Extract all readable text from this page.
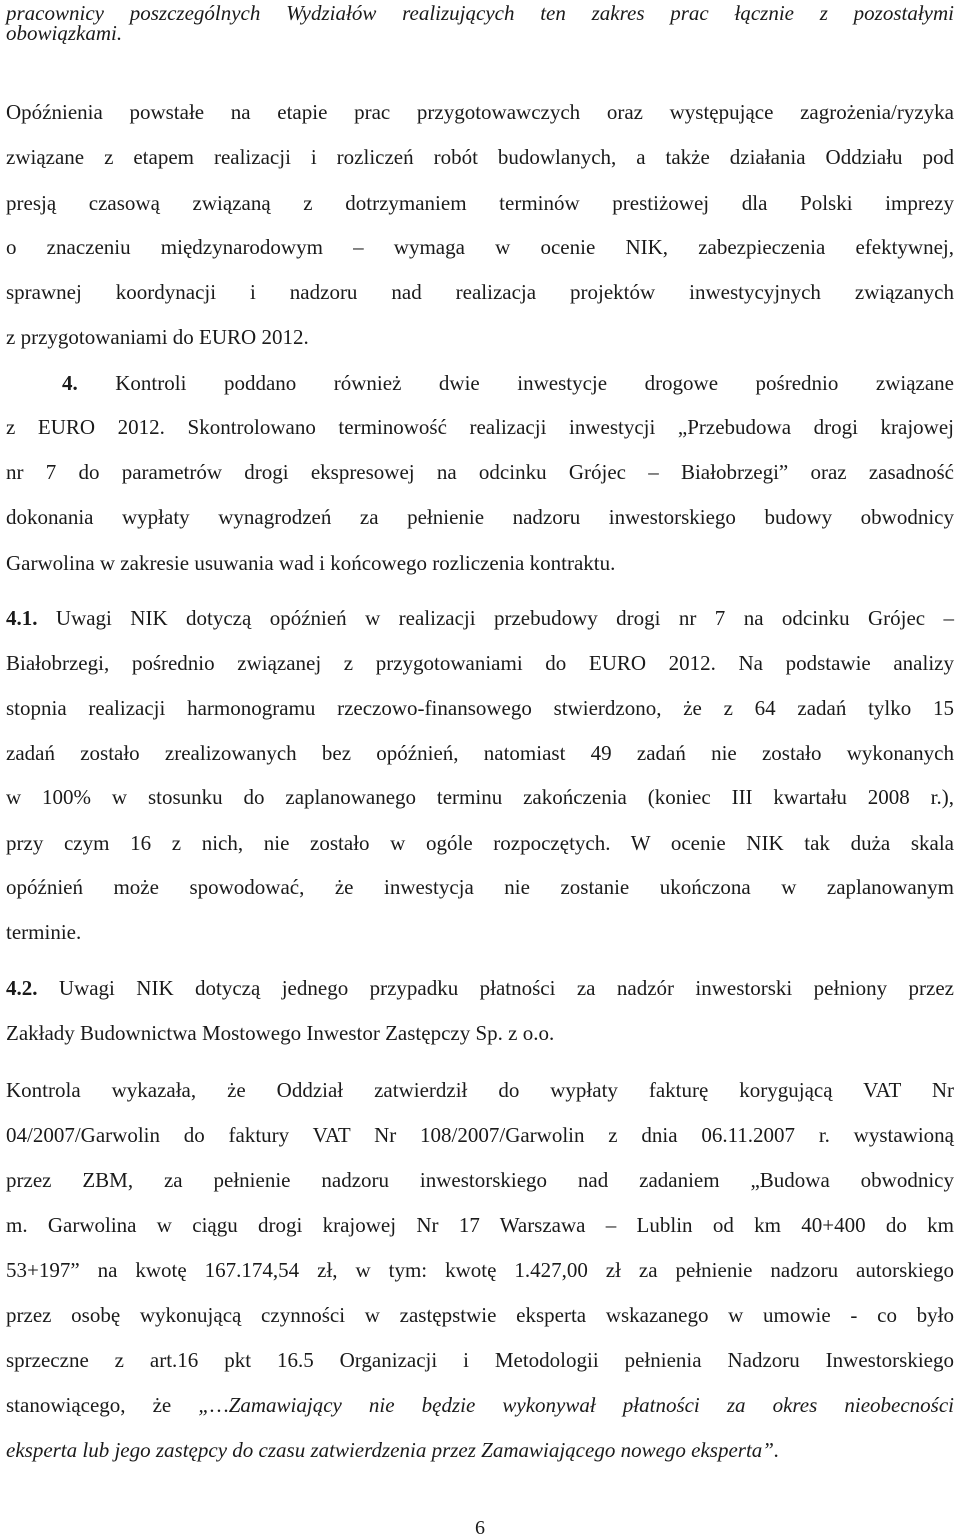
pracownicy poszczególnych Wydziałów realizujących ten zakres prac łącznie z pozostałymi
obowiązkami.
Opóźnienia powstałe na etapie prac przygotowawczych oraz występujące zagrożenia/ryzyka
związane z etapem realizacji i rozliczeń robót budowlanych, a także działania Oddziału pod
presją czasową związaną z dotrzymaniem terminów prestiżowej dla Polski imprezy
o znaczeniu międzynarodowym – wymaga w ocenie NIK, zabezpieczenia efektywnej,
sprawnej koordynacji i nadzoru nad realizacja projektów inwestycyjnych związanych
z przygotowaniami do EURO 2012.
4. Kontroli poddano również dwie inwestycje drogowe pośrednio związane
z EURO 2012. Skontrolowano terminowość realizacji inwestycji „Przebudowa drogi krajowej
nr 7 do parametrów drogi ekspresowej na odcinku Grójec – Białobrzegi” oraz zasadność
dokonania wypłaty wynagrodzeń za pełnienie nadzoru inwestorskiego budowy obwodnicy
Garwolina w zakresie usuwania wad i końcowego rozliczenia kontraktu.
4.1. Uwagi NIK dotyczą opóźnień w realizacji przebudowy drogi nr 7 na odcinku Grójec –
Białobrzegi, pośrednio związanej z przygotowaniami do EURO 2012. Na podstawie analizy
stopnia realizacji harmonogramu rzeczowo-finansowego stwierdzono, że z 64 zadań tylko 15
zadań zostało zrealizowanych bez opóźnień, natomiast 49 zadań nie zostało wykonanych
w 100% w stosunku do zaplanowanego terminu zakończenia (koniec III kwartału 2008 r.),
przy czym 16 z nich, nie zostało w ogóle rozpoczętych. W ocenie NIK tak duża skala
opóźnień może spowodować, że inwestycja nie zostanie ukończona w zaplanowanym
terminie.
4.2. Uwagi NIK dotyczą jednego przypadku płatności za nadzór inwestorski pełniony przez
Zakłady Budownictwa Mostowego Inwestor Zastępczy Sp. z o.o.
Kontrola wykazała, że Oddział zatwierdził do wypłaty fakturę korygującą VAT Nr
04/2007/Garwolin do faktury VAT Nr 108/2007/Garwolin z dnia 06.11.2007 r. wystawioną
przez ZBM, za pełnienie nadzoru inwestorskiego nad zadaniem „Budowa obwodnicy
m. Garwolina w ciągu drogi krajowej Nr 17 Warszawa – Lublin od km 40+400 do km
53+197” na kwotę 167.174,54 zł, w tym: kwotę 1.427,00 zł za pełnienie nadzoru autorskiego
przez osobę wykonującą czynności w zastępstwie eksperta wskazanego w umowie - co było
sprzeczne z art.16 pkt 16.5 Organizacji i Metodologii pełnienia Nadzoru Inwestorskiego
stanowiącego, że „…Zamawiający nie będzie wykonywał płatności za okres nieobecności
eksperta lub jego zastępcy do czasu zatwierdzenia przez Zamawiającego nowego eksperta”.
6
